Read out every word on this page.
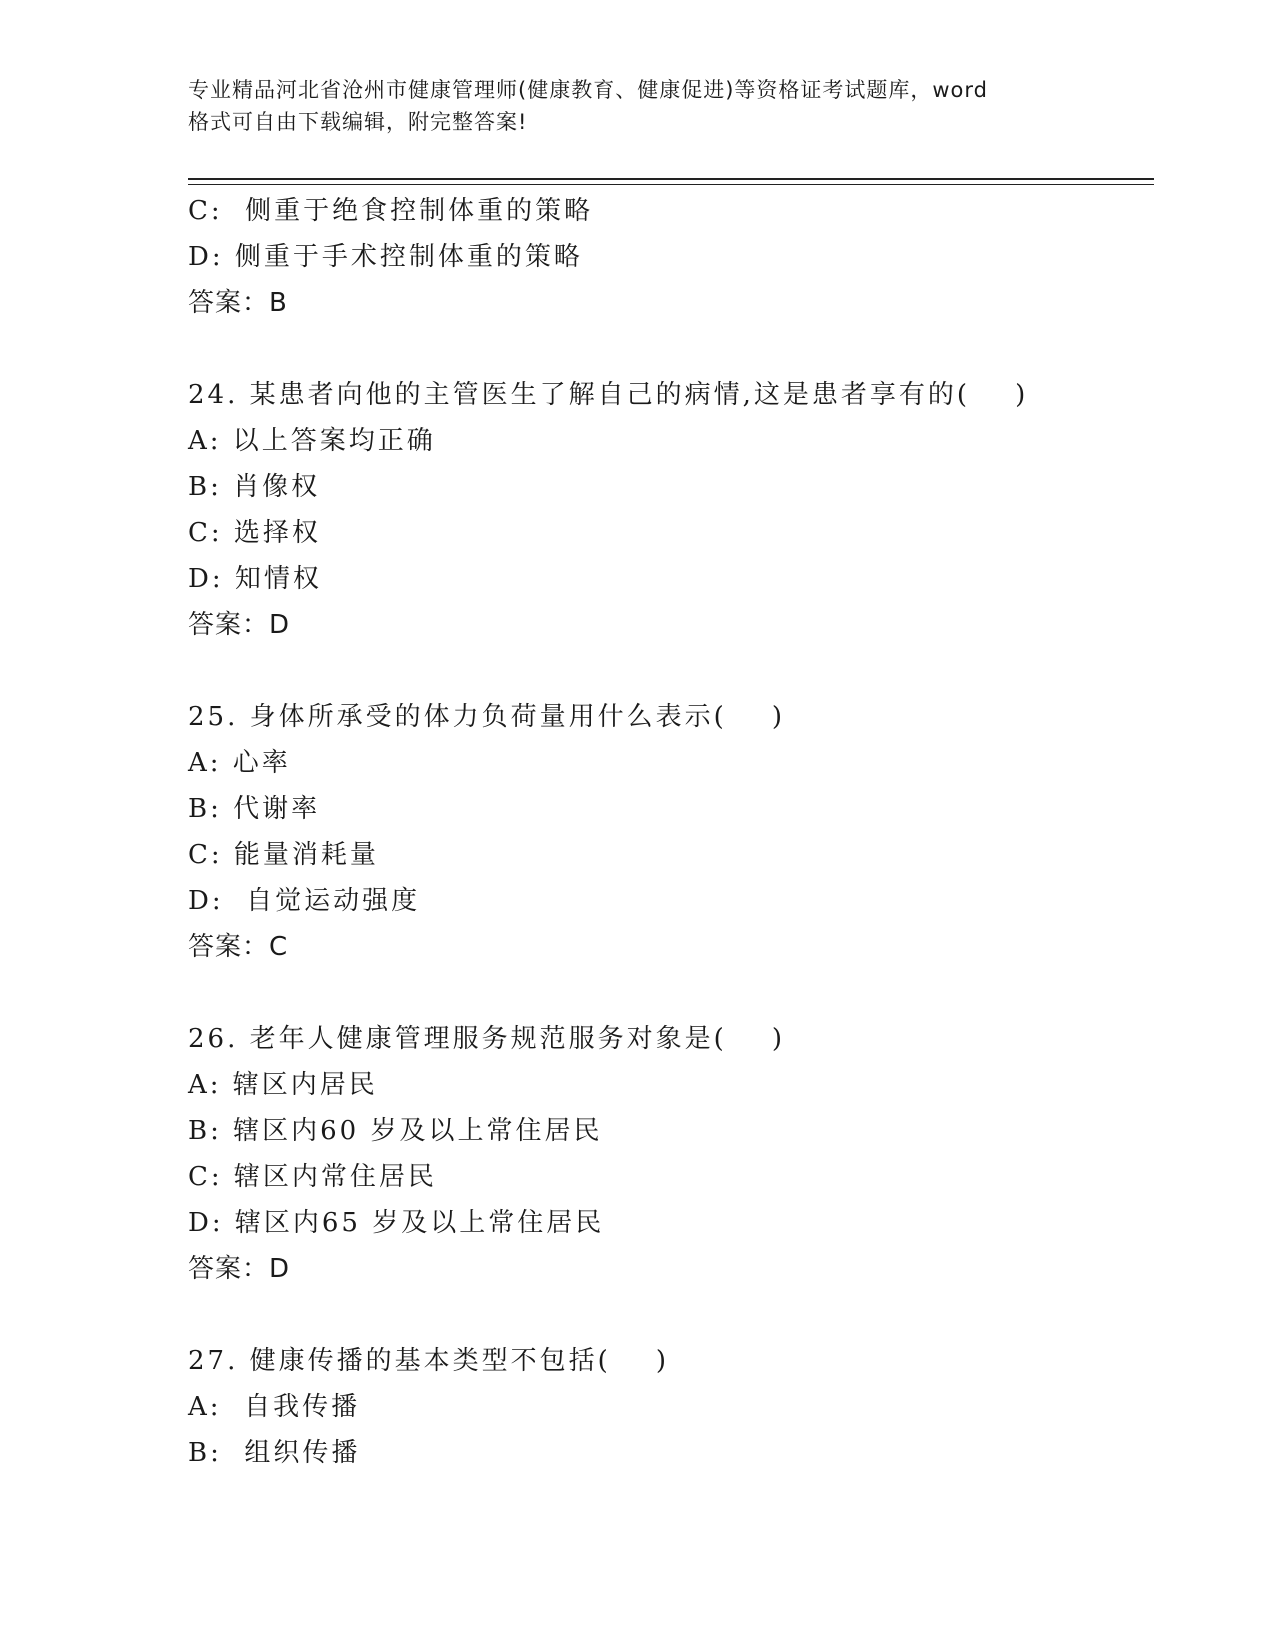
专业精品河北省沧州市健康管理师(健康教育、健康促进)等资格证考试题库，word
格式可自由下载编辑，附完整答案!
C:  侧重于绝食控制体重的策略
D: 侧重于手术控制体重的策略
答案：B
24. 某患者向他的主管医生了解自己的病情,这是患者享有的(    )
A: 以上答案均正确
B: 肖像权
C: 选择权
D: 知情权
答案：D
25. 身体所承受的体力负荷量用什么表示(    )
A: 心率
B: 代谢率
C: 能量消耗量
D:  自觉运动强度
答案：C
26. 老年人健康管理服务规范服务对象是(    )
A: 辖区内居民
B: 辖区内60 岁及以上常住居民
C: 辖区内常住居民
D: 辖区内65 岁及以上常住居民
答案：D
27. 健康传播的基本类型不包括(    )
A:  自我传播
B:  组织传播
